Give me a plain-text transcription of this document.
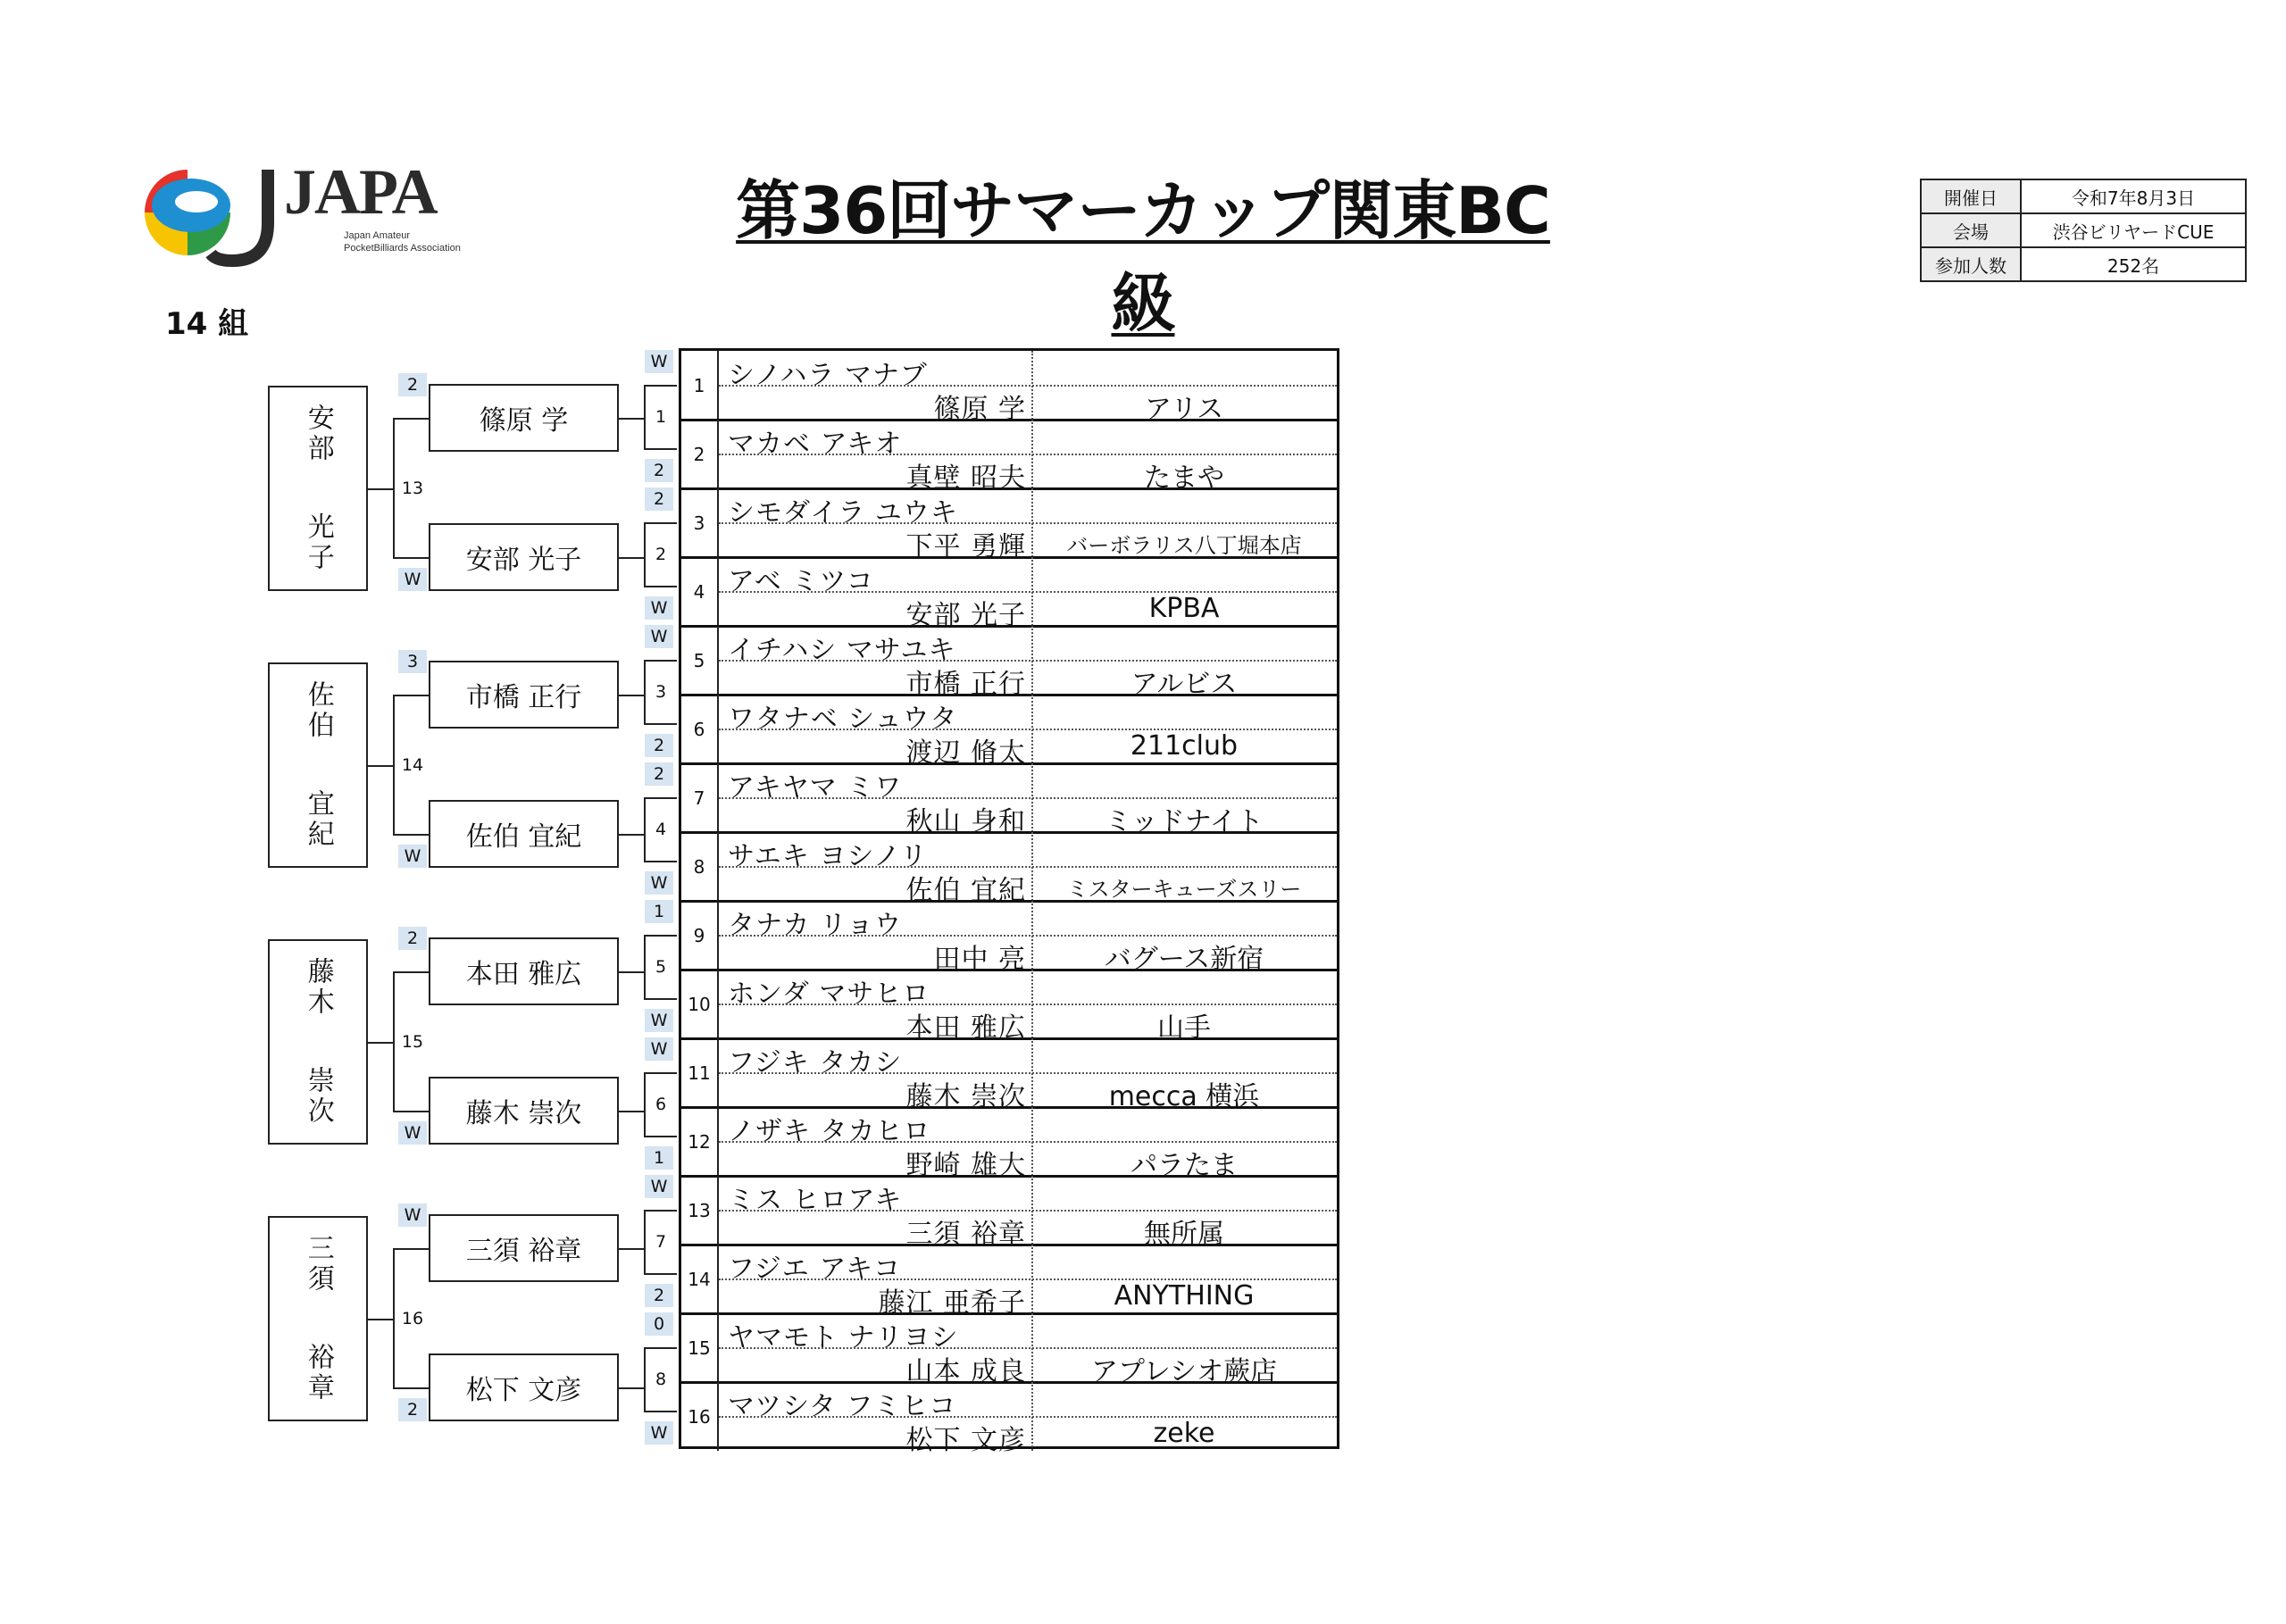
JAPA
Japan Amateur
PocketBilliards Association	第36回サマーカップ関東BC級
開催日	令和7年8月3日
会場	渋谷ビリヤードCUE
参加人数	252名
14 組
安部
光子
篠原 学
安部 光子
2
W
13
1
2
佐伯
宜紀
市橋 正行
佐伯 宜紀
3
W
14
3
4
藤木
崇次
本田 雅広
藤木 崇次
2
W
15
5
6
三須
裕章
三須 裕章
松下 文彦
W
2
16
7
8
W
2
2
W
W
2
2
W
1
W
W
1
W
2
0
W
1 シノハラ マナブ
篠原 学	アリス
2 マカベ アキオ
真壁 昭夫	たまや
3 シモダイラ ユウキ
下平 勇輝	バーボラリス八丁堀本店
4 アベ ミツコ
安部 光子	KPBA
5 イチハシ マサユキ
市橋 正行	アルビス
6 ワタナベ シュウタ
渡辺 脩太	211club
7 アキヤマ ミワ
秋山 身和	ミッドナイト
8 サエキ ヨシノリ
佐伯 宜紀	ミスターキューズスリー
9 タナカ リョウ
田中 亮	バグース新宿
10 ホンダ マサヒロ
本田 雅広	山手
11 フジキ タカシ
藤木 崇次	mecca 横浜
12 ノザキ タカヒロ
野崎 雄大	パラたま
13 ミス ヒロアキ
三須 裕章	無所属
14 フジエ アキコ
藤江 亜希子	ANYTHING
15 ヤマモト ナリヨシ
山本 成良	アプレシオ蕨店
16 マツシタ フミヒコ
松下 文彦	zeke
